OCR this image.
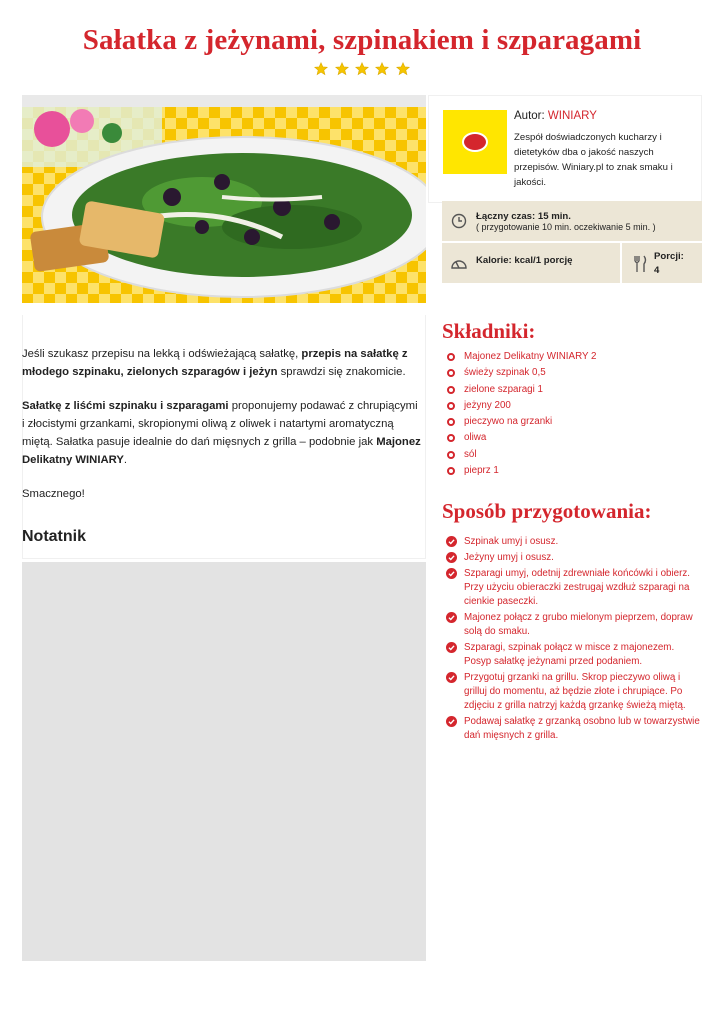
Sałatka z jeżynami, szpinakiem i szparagami

Jeśli szukasz przepisu na lekką i odświeżającą sałatkę, przepis na sałatkę z młodego szpinaku, zielonych szparagów i jeżyn sprawdzi się znakomicie.

Sałatkę z liśćmi szpinaku i szparagami proponujemy podawać z chrupiącymi i złocistymi grzankami, skropionymi oliwą z oliwek i natartymi aromatyczną miętą. Sałatka pasuje idealnie do dań mięsnych z grilla – podobnie jak Majonez Delikatny WINIARY.

Smacznego!

Notatnik
Autor: WINIARY
Zespół doświadczonych kucharzy i dietetyków dba o jakość naszych przepisów. Winiary.pl to znak smaku i jakości.
Łączny czas: 15 min.
( przygotowanie 10 min. oczekiwanie 5 min. )
Kalorie: kcal/1 porcję	Porcji:
4
Składniki:
Majonez Delikatny WINIARY 2
świeży szpinak 0,5
zielone szparagi 1
jeżyny 200
pieczywo na grzanki
oliwa
sól
pieprz 1
Sposób przygotowania:
Szpinak umyj i osusz.
Jeżyny umyj i osusz.
Szparagi umyj, odetnij zdrewniałe końcówki i obierz. Przy użyciu obieraczki zestrugaj wzdłuż szparagi na cienkie paseczki.
Majonez połącz z grubo mielonym pieprzem, dopraw solą do smaku.
Szparagi, szpinak połącz w misce z majonezem. Posyp sałatkę jeżynami przed podaniem.
Przygotuj grzanki na grillu. Skrop pieczywo oliwą i grilluj do momentu, aż będzie złote i chrupiące. Po zdjęciu z grilla natrzyj każdą grzankę świeżą miętą.
Podawaj sałatkę z grzanką osobno lub w towarzystwie dań mięsnych z grilla.
